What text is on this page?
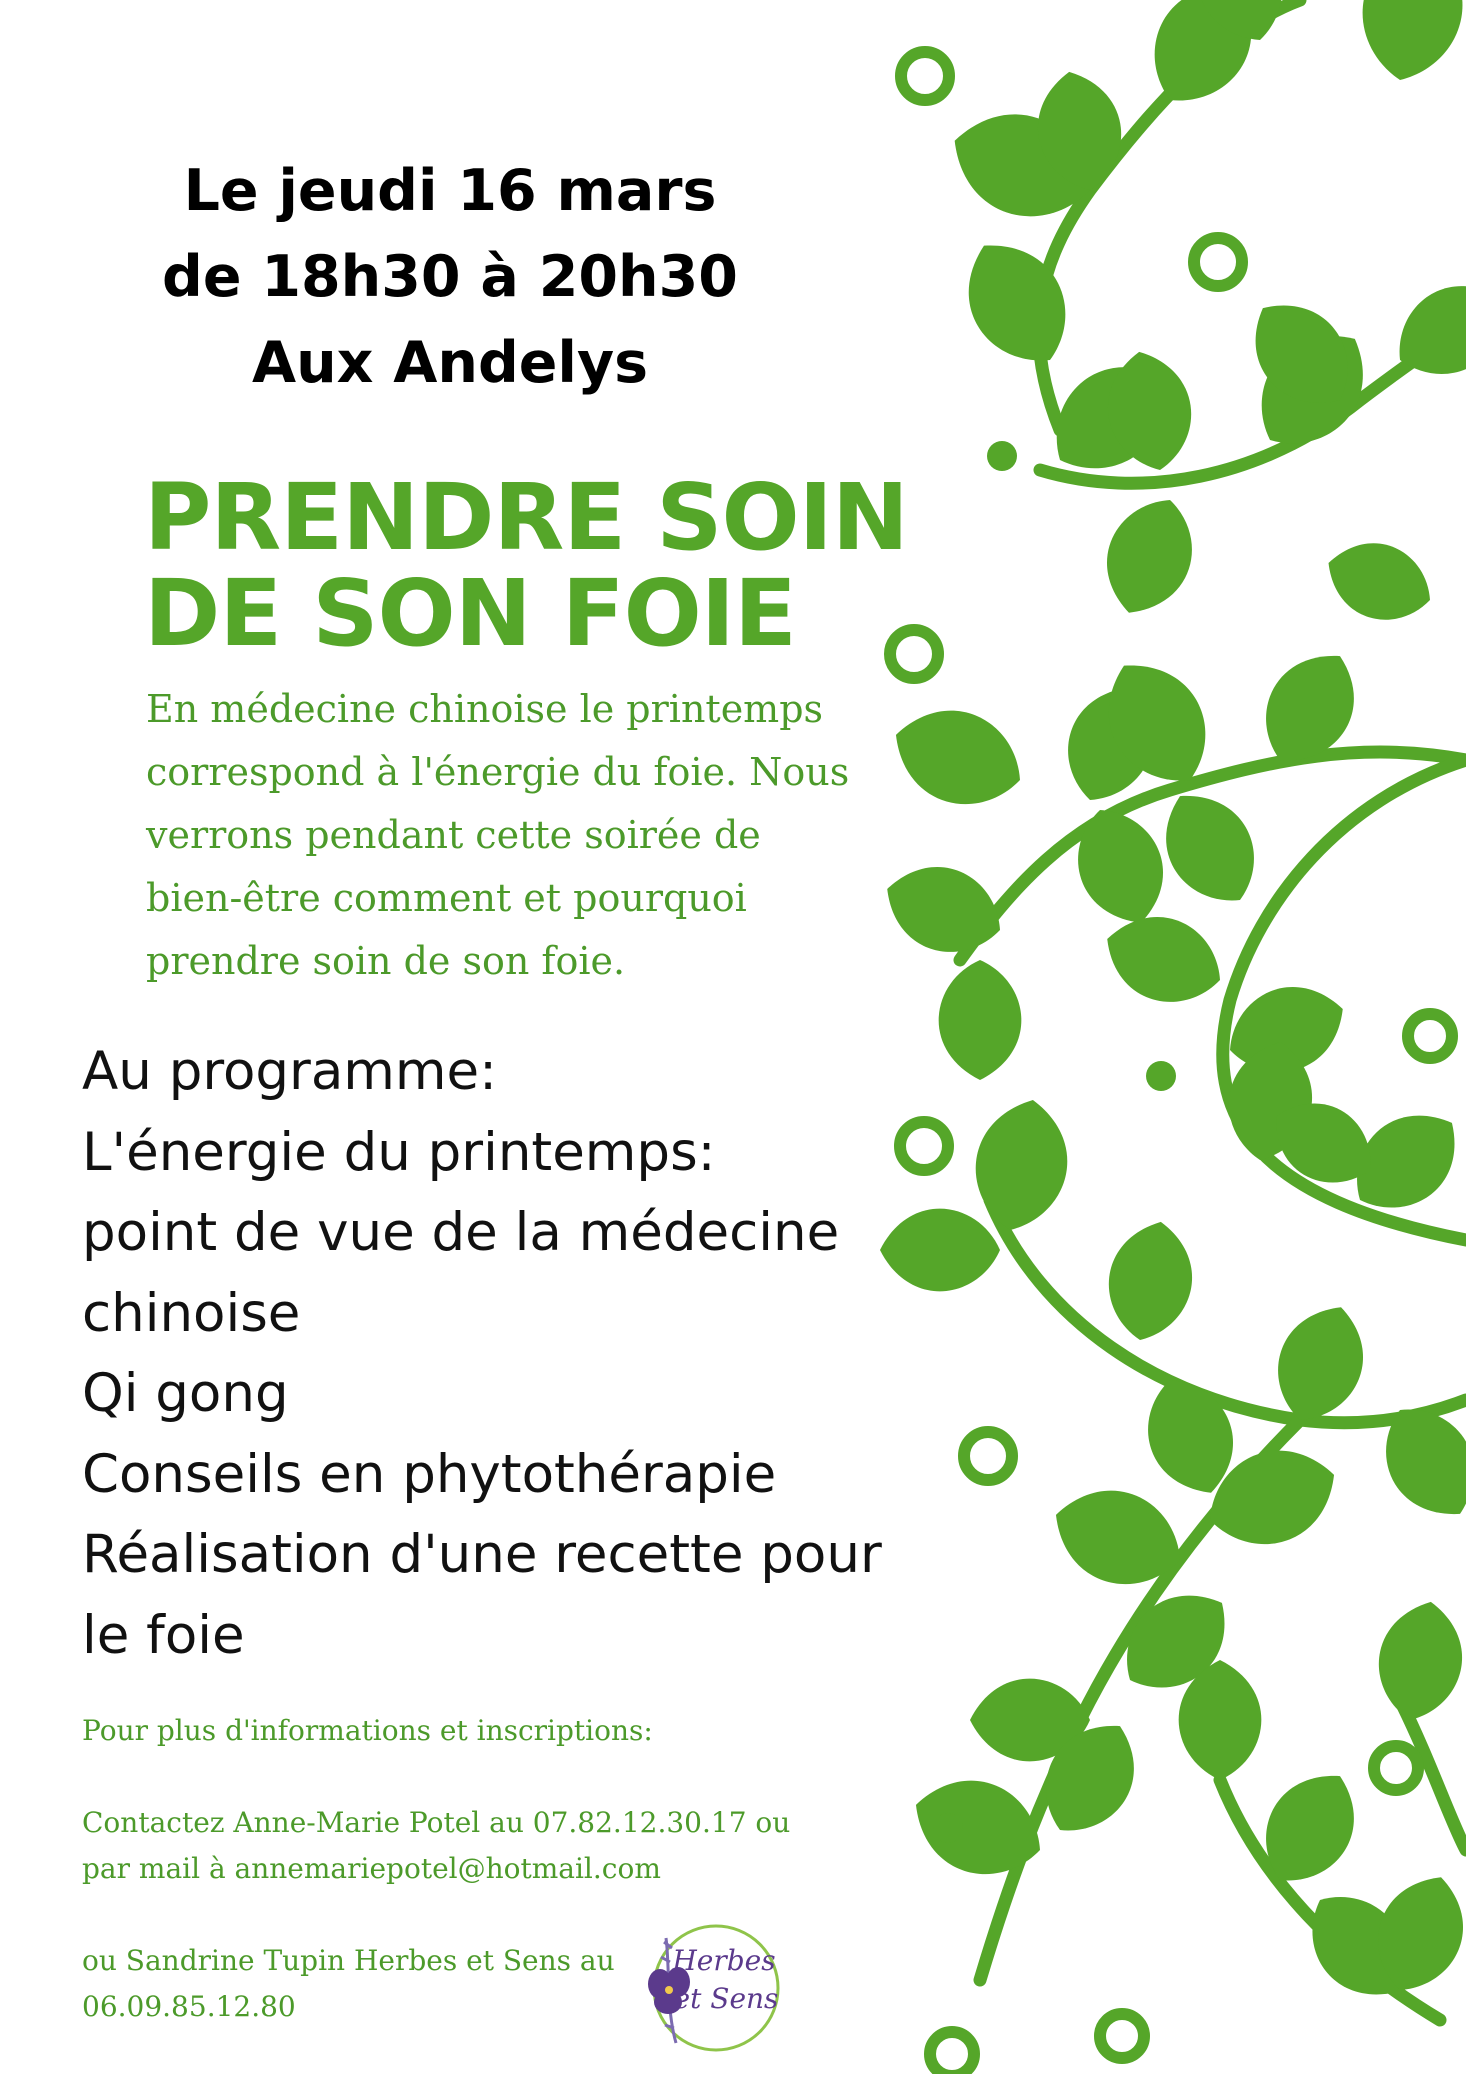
Le jeudi 16 mars
de 18h30 à 20h30
Aux Andelys
PRENDRE SOIN
DE SON FOIE
En médecine chinoise le printemps
correspond à l'énergie du foie. Nous
verrons pendant cette soirée de
bien-être comment et pourquoi
prendre soin de son foie.
Au programme:
L'énergie du printemps:
point de vue de la médecine
chinoise
Qi gong
Conseils en phytothérapie
Réalisation d'une recette pour
le foie
Pour plus d'informations et inscriptions:
Contactez Anne-Marie Potel au 07.82.12.30.17 ou
par mail à annemariepotel@hotmail.com
ou Sandrine Tupin Herbes et Sens au
06.09.85.12.80
Herbes
et Sens
